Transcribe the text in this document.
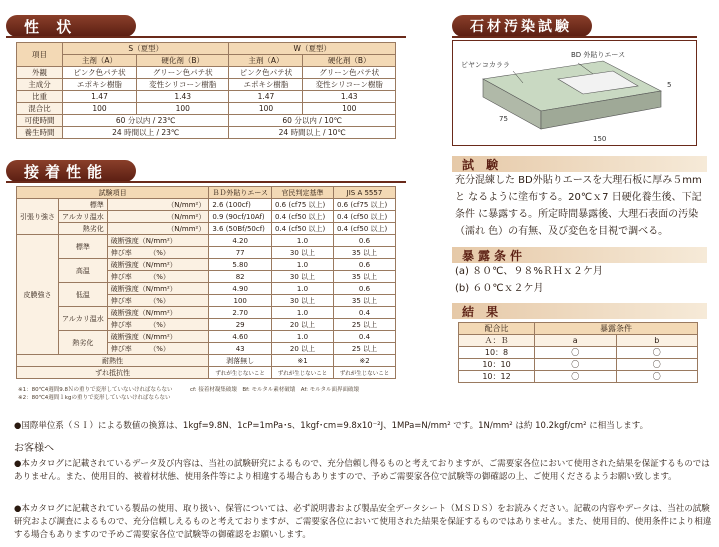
性 状
項目	S（夏型）		W（夏型）	
	主剤（A）	硬化剤（B）	主剤（A）	硬化剤（B）
外観	ピンク色パテ状	グリーン色パテ状	ピンク色パテ状	グリーン色パテ状
主成分	エポキシ樹脂	変性シリコーン樹脂	エポキシ樹脂	変性シリコーン樹脂
比重	1.47	1.43	1.47	1.43
混合比	100	100	100	100
可使時間	60 分以内 / 23℃		60 分以内 / 10℃	
養生時間	24 時間以上 / 23℃		24 時間以上 / 10℃	
接着性能
試験項目			ＢＤ外貼りエース	官民判定基準	JIS A 5557
引張り強さ	標準	（N/mm²）	2.6 (100cf)	0.6 (cf75 以上)	0.6 (cf75 以上)
	アルカリ温水	（N/mm²）	0.9 (90cf/10Af)	0.4 (cf50 以上)	0.4 (cf50 以上)
	熱劣化	（N/mm²）	3.6 (50Bf/50cf)	0.4 (cf50 以上)	0.4 (cf50 以上)
皮膜強さ	標準	破断強度（N/mm²）	4.20	1.0	0.6
		伸び率　　　（%）	77	30 以上	35 以上
	高温	破断強度（N/mm²）	5.80	1.0	0.6
		伸び率　　　（%）	82	30 以上	35 以上
	低温	破断強度（N/mm²）	4.90	1.0	0.6
		伸び率　　　（%）	100	30 以上	35 以上
	アルカリ温水	破断強度（N/mm²）	2.70	1.0	0.4
		伸び率　　　（%）	29	20 以上	25 以上
	熱劣化	破断強度（N/mm²）	4.60	1.0	0.4
		伸び率　　　（%）	43	20 以上	25 以上
耐熱性			剥落無し	※1	※2
ずれ抵抗性			ずれが生じないこと	ずれが生じないこと	ずれが生じないこと
※1：80℃4週間9.8Ｎの重りで変形していないければならない
※2：80℃4週間１kgの重りで変形していないければならない
cf: 接着材凝集破壊　Bf: モルタル素材破壊　Af: モルタル面界面破壊
石材汚染試験
ビヤンコカララ
BD 外貼りエース
150
75
5
試 験
充分混練した BD外貼りエースを大理石板に厚み５mmと なるように塗布する。20℃ｘ7 日硬化養生後、下記条件 に暴露する。所定時間暴露後、大理石表面の汚染（濡れ 色）の有無、及び変色を目視で調べる。
暴露条件
(a) ８０℃、９８%ＲＨｘ２ケ月
(b) ６０℃ｘ２ケ月
結 果
配合比	暴露条件	
Ａ：Ｂ	a	b
10：8	〇	〇
10：10	〇	〇
10：12	〇	〇
●国際単位系（ＳＩ）による数値の換算は、1kgf=9.8N、1cP=1mPa･s、1kgf･cm=9.8x10⁻²J、1MPa=N/mm² です。1N/mm² は約 10.2kgf/cm² に相当します。
お客様へ
●本カタログに記載されているデータ及び内容は、当社の試験研究によるもので、充分信頼し得るものと考えておりますが、ご需要家各位において使用された結果を保証するものではありません。また、使用目的、被着材状態、使用条件等により相違する場合もありますので、予めご需要家各位で試験等の御確認の上、ご使用くださるようお願い致します。
●本カタログに記載されている製品の使用、取り扱い、保管については、必ず説明書および製品安全データシート（ＭＳＤＳ）をお読みください。記載の内容やデータは、当社の試験研究および調査によるもので、充分信頼しえるものと考えておりますが、ご需要家各位において使用された結果を保証するものではありません。また、使用目的、使用条件により相違する場合もありますので予めご需要家各位で試験等の御確認をお願いします。
